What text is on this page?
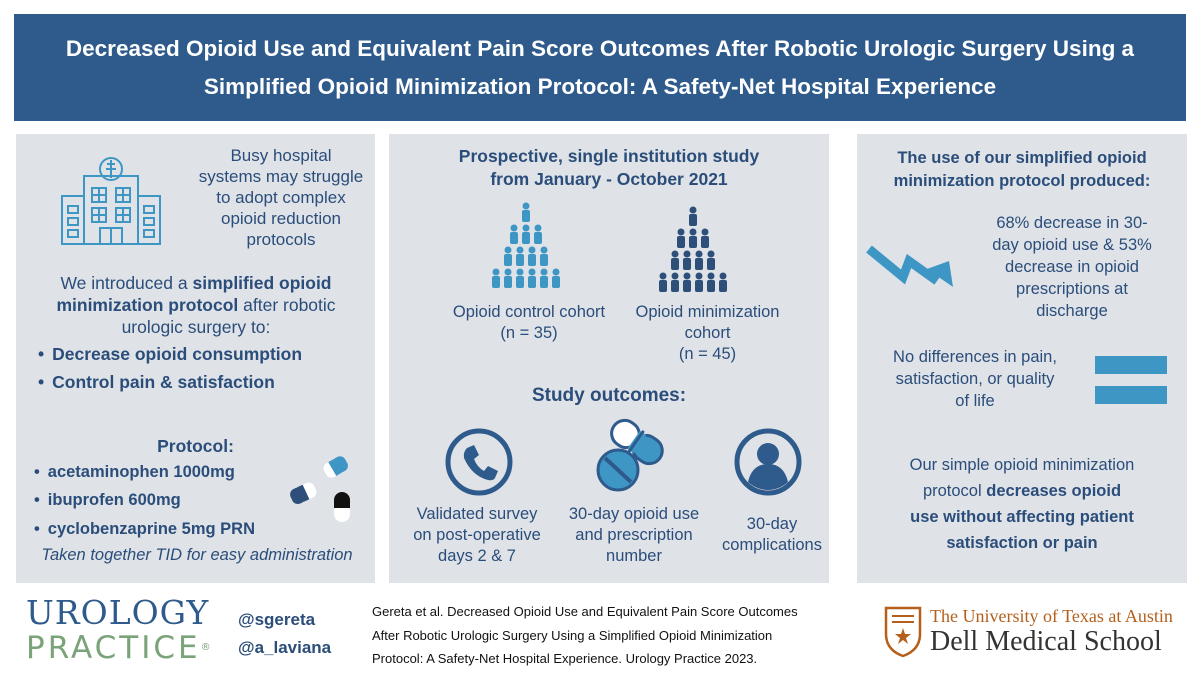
Decreased Opioid Use and Equivalent Pain Score Outcomes After Robotic Urologic Surgery Using a
Simplified Opioid Minimization Protocol: A Safety-Net Hospital Experience
Busy hospital
systems may struggle
to adopt complex
opioid reduction
protocols
We introduced a simplified opioid
minimization protocol after robotic
urologic surgery to:
• Decrease opioid consumption
• Control pain & satisfaction
Protocol:
• acetaminophen 1000mg
• ibuprofen 600mg
• cyclobenzaprine 5mg PRN
Taken together TID for easy administration
Prospective, single institution study
from January - October 2021
Opioid control cohort
(n = 35)
Opioid minimization
cohort
(n = 45)
Study outcomes:
Validated survey
on post-operative
days 2 & 7
30-day opioid use
and prescription
number
30-day
complications
The use of our simplified opioid
minimization protocol produced:
68% decrease in 30-
day opioid use & 53%
decrease in opioid
prescriptions at
discharge
No differences in pain,
satisfaction, or quality
of life
Our simple opioid minimization
protocol decreases opioid
use without affecting patient
satisfaction or pain
UROLOGY
PRACTICE®
@sgereta
@a_laviana
Gereta et al. Decreased Opioid Use and Equivalent Pain Score Outcomes
After Robotic Urologic Surgery Using a Simplified Opioid Minimization
Protocol: A Safety-Net Hospital Experience. Urology Practice 2023.
The University of Texas at Austin
Dell Medical School
